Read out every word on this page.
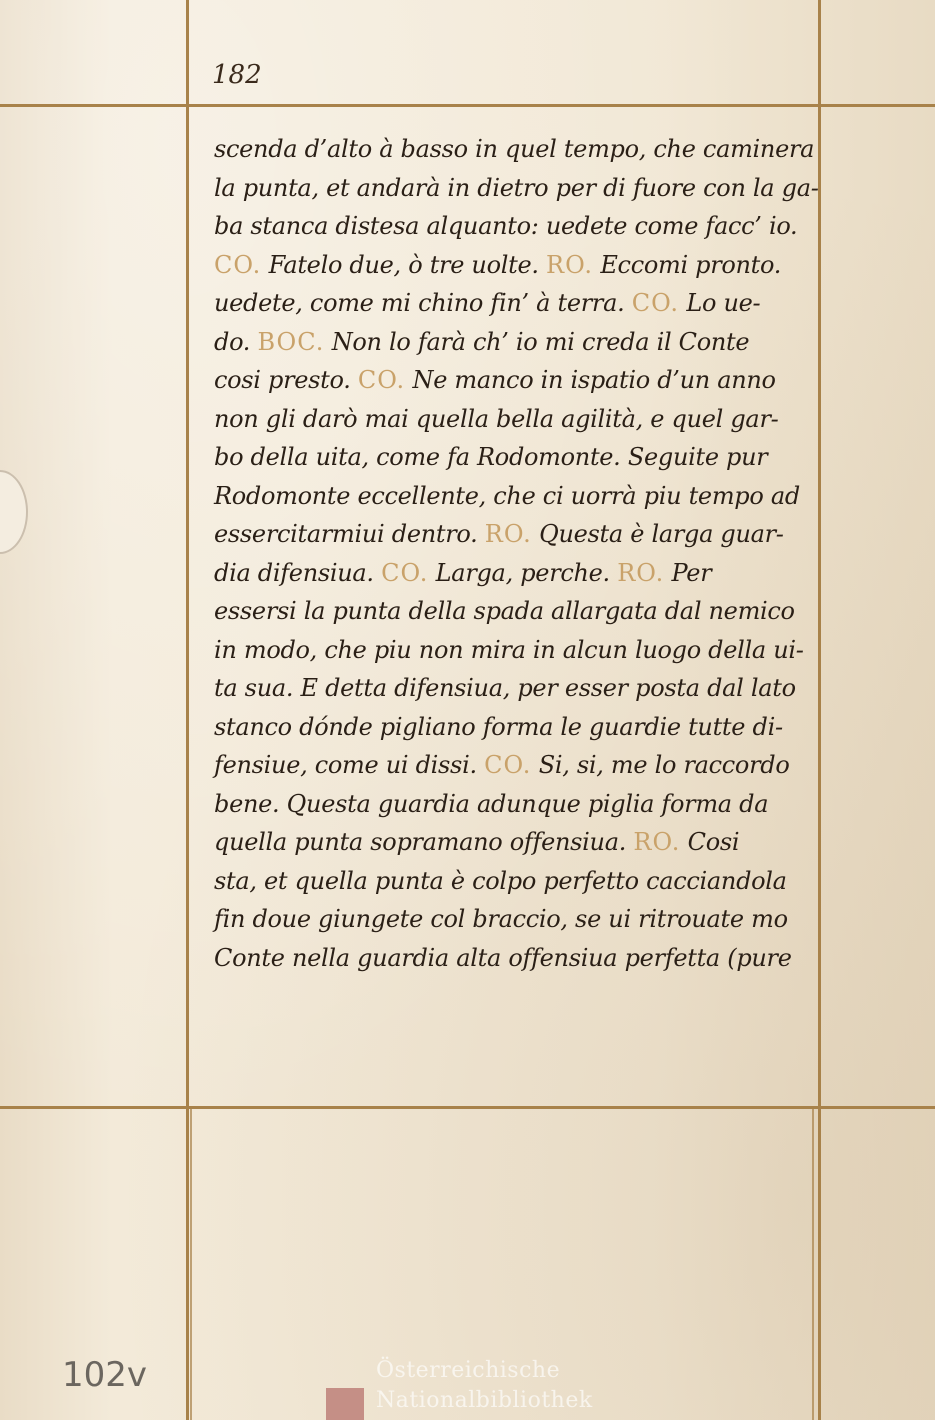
182
scenda d’alto à basso in quel tempo, che caminera
la punta, et andarà in dietro per di fuore con la ga-
ba stanca distesa alquanto: uedete come facc’ io.
CO. Fatelo due, ò tre uolte. RO. Eccomi pronto.
uedete, come mi chino fin’ à terra. CO. Lo ue-
do. BOC. Non lo farà ch’ io mi creda il Conte
cosi presto. CO. Ne manco in ispatio d’un anno
non gli darò mai quella bella agilità, e quel gar-
bo della uita, come fa Rodomonte. Seguite pur
Rodomonte eccellente, che ci uorrà piu tempo ad
essercitarmiui dentro. RO. Questa è larga guar-
dia difensiua. CO. Larga, perche. RO. Per
essersi la punta della spada allargata dal nemico
in modo, che piu non mira in alcun luogo della ui-
ta sua. E detta difensiua, per esser posta dal lato
stanco dónde pigliano forma le guardie tutte di-
fensiue, come ui dissi. CO. Si, si, me lo raccordo
bene. Questa guardia adunque piglia forma da
quella punta sopramano offensiua. RO. Cosi
sta, et quella punta è colpo perfetto cacciandola
fin doue giungete col braccio, se ui ritrouate mo
Conte nella guardia alta offensiua perfetta (pure
102v	Österreichische
Nationalbibliothek
